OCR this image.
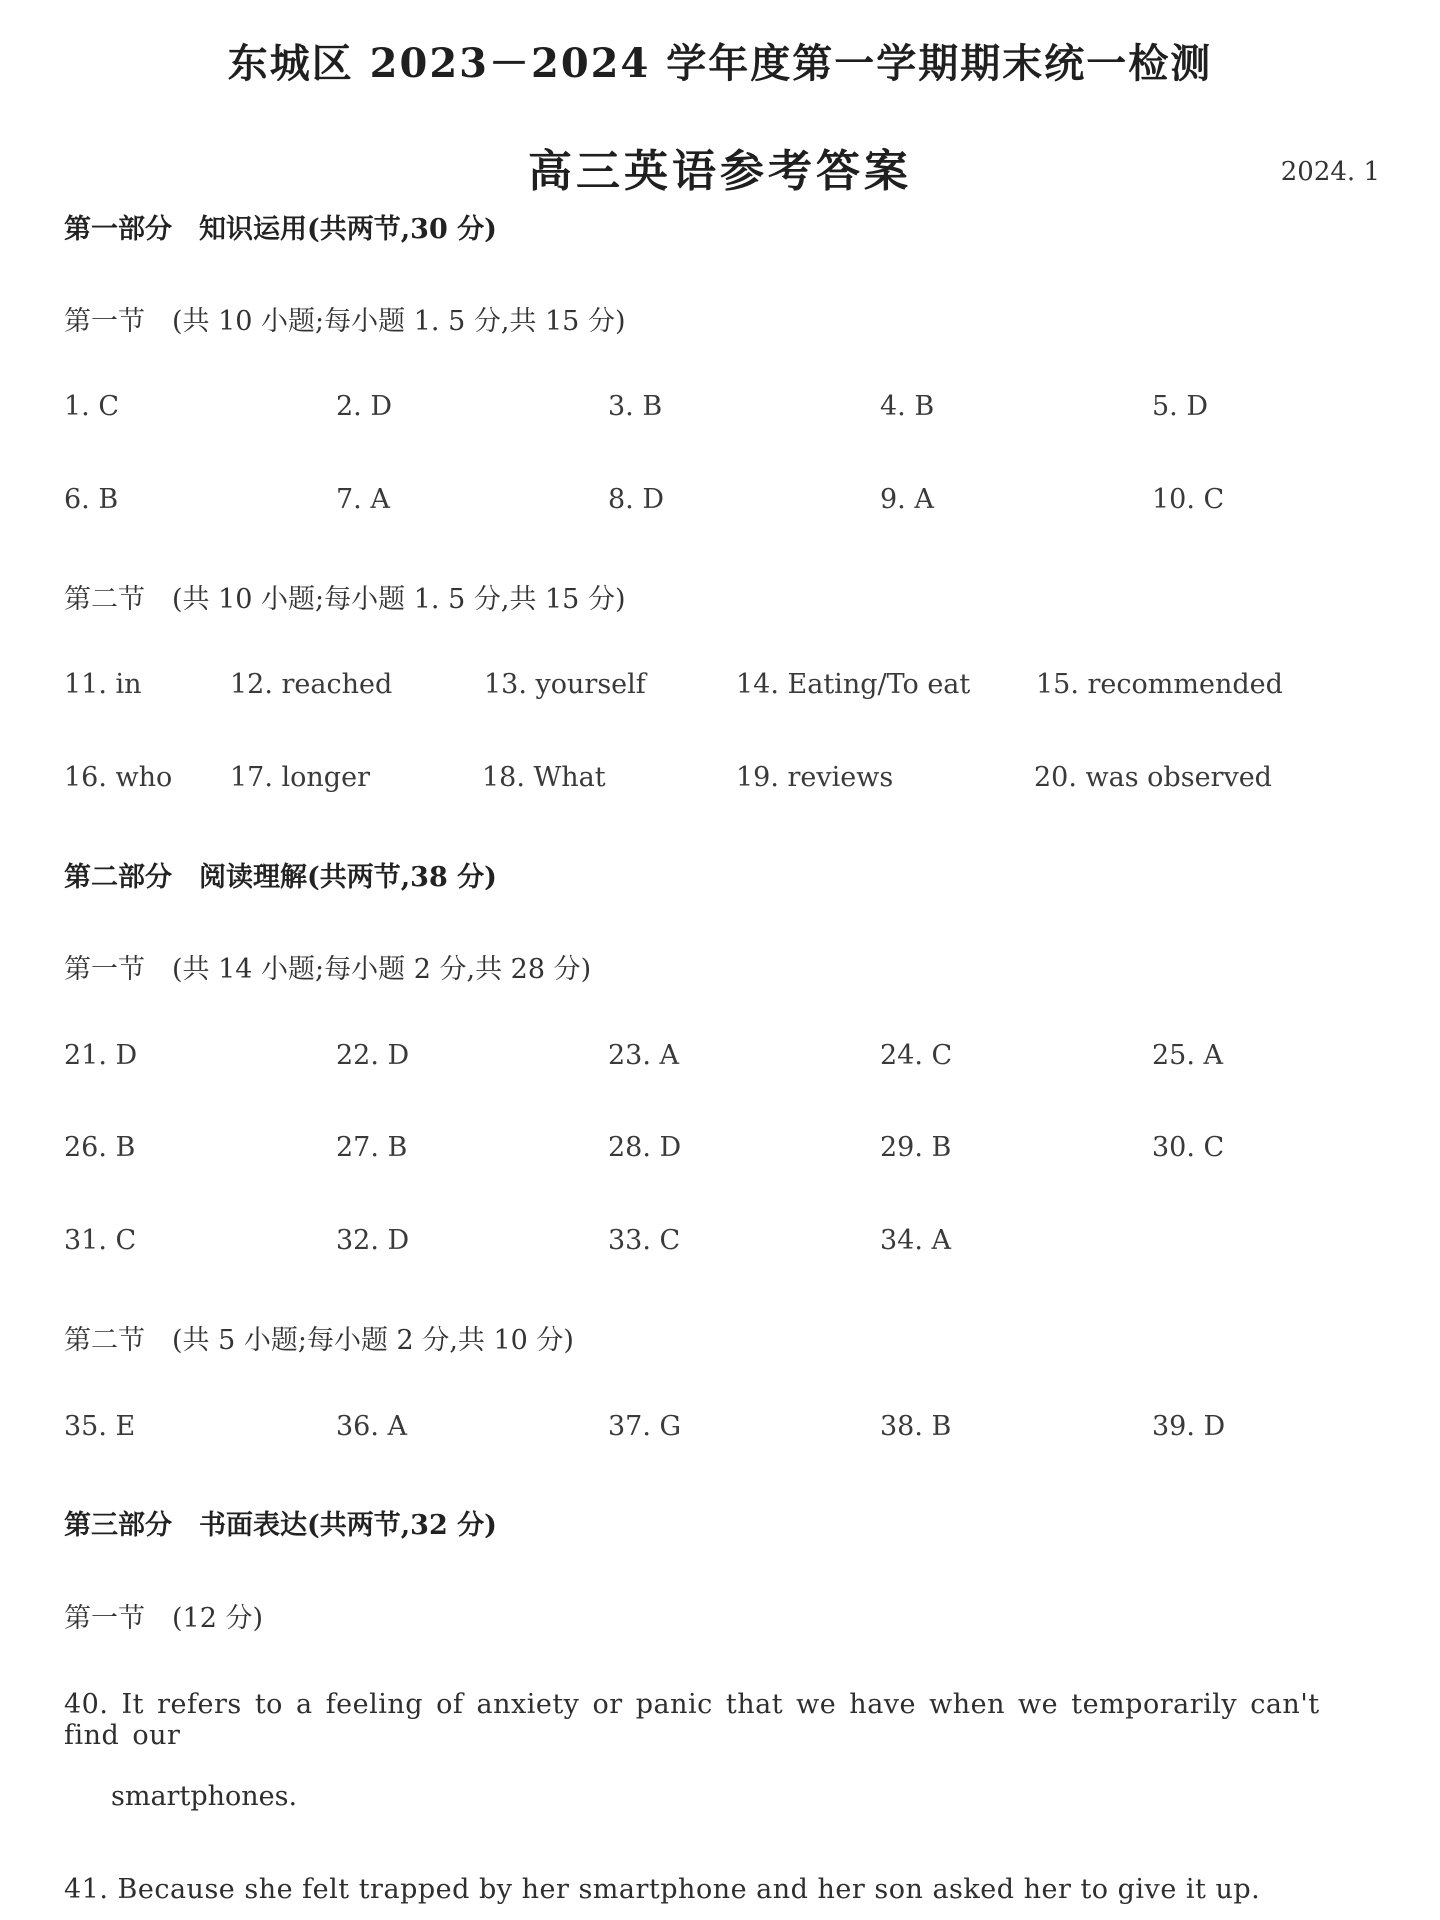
东城区 2023－2024 学年度第一学期期末统一检测
高三英语参考答案	2024. 1
第一部分　知识运用(共两节,30 分)
第一节　(共 10 小题;每小题 1. 5 分,共 15 分)
1. C	2. D	3. B	4. B	5. D
6. B	7. A	8. D	9. A	10. C
第二节　(共 10 小题;每小题 1. 5 分,共 15 分)
11. in	12. reached	13. yourself	14. Eating/To eat 15. recommended
16. who 17. longer	18. What	19. reviews	20. was observed
第二部分　阅读理解(共两节,38 分)
第一节　(共 14 小题;每小题 2 分,共 28 分)
21. D	22. D	23. A	24. C	25. A
26. B	27. B	28. D	29. B	30. C
31. C	32. D	33. C	34. A
第二节　(共 5 小题;每小题 2 分,共 10 分)
35. E	36. A	37. G	38. B	39. D
第三部分　书面表达(共两节,32 分)
第一节　(12 分)
40. It refers to a feeling of anxiety or panic that we have when we temporarily can't find our
smartphones.
41. Because she felt trapped by her smartphone and her son asked her to give it up.
